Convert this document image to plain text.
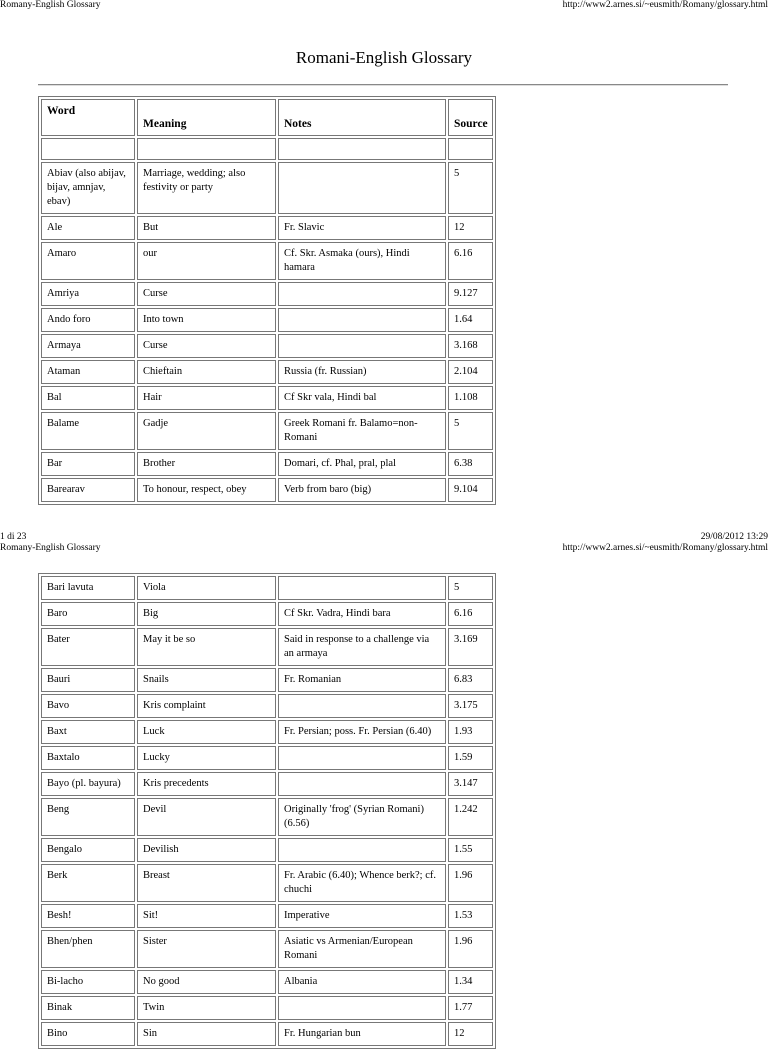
Romany-English Glossary	http://www2.arnes.si/~eusmith/Romany/glossary.html
Romani-English Glossary
Word	Meaning	Notes	Source

Abiav (also abijav, bijav, amnjav, ebav)	Marriage, wedding; also festivity or party		5
Ale	But	Fr. Slavic	12
Amaro	our	Cf. Skr. Asmaka (ours), Hindi hamara	6.16
Amriya	Curse		9.127
Ando foro	Into town		1.64
Armaya	Curse		3.168
Ataman	Chieftain	Russia (fr. Russian)	2.104
Bal	Hair	Cf Skr vala, Hindi bal	1.108
Balame	Gadje	Greek Romani fr. Balamo=non-Romani	5
Bar	Brother	Domari, cf. Phal, pral, plal	6.38
Barearav	To honour, respect, obey	Verb from baro (big)	9.104
1 di 23	29/08/2012 13:29
Romany-English Glossary	http://www2.arnes.si/~eusmith/Romany/glossary.html
Bari lavuta	Viola		5
Baro	Big	Cf Skr. Vadra, Hindi bara	6.16
Bater	May it be so	Said in response to a challenge via an armaya	3.169
Bauri	Snails	Fr. Romanian	6.83
Bavo	Kris complaint		3.175
Baxt	Luck	Fr. Persian; poss. Fr. Persian (6.40)	1.93
Baxtalo	Lucky		1.59
Bayo (pl. bayura)	Kris precedents		3.147
Beng	Devil	Originally 'frog' (Syrian Romani) (6.56)	1.242
Bengalo	Devilish		1.55
Berk	Breast	Fr. Arabic (6.40); Whence berk?; cf. chuchi	1.96
Besh!	Sit!	Imperative	1.53
Bhen/phen	Sister	Asiatic vs Armenian/European Romani	1.96
Bi-lacho	No good	Albania	1.34
Binak	Twin		1.77
Bino	Sin	Fr. Hungarian bun	12
